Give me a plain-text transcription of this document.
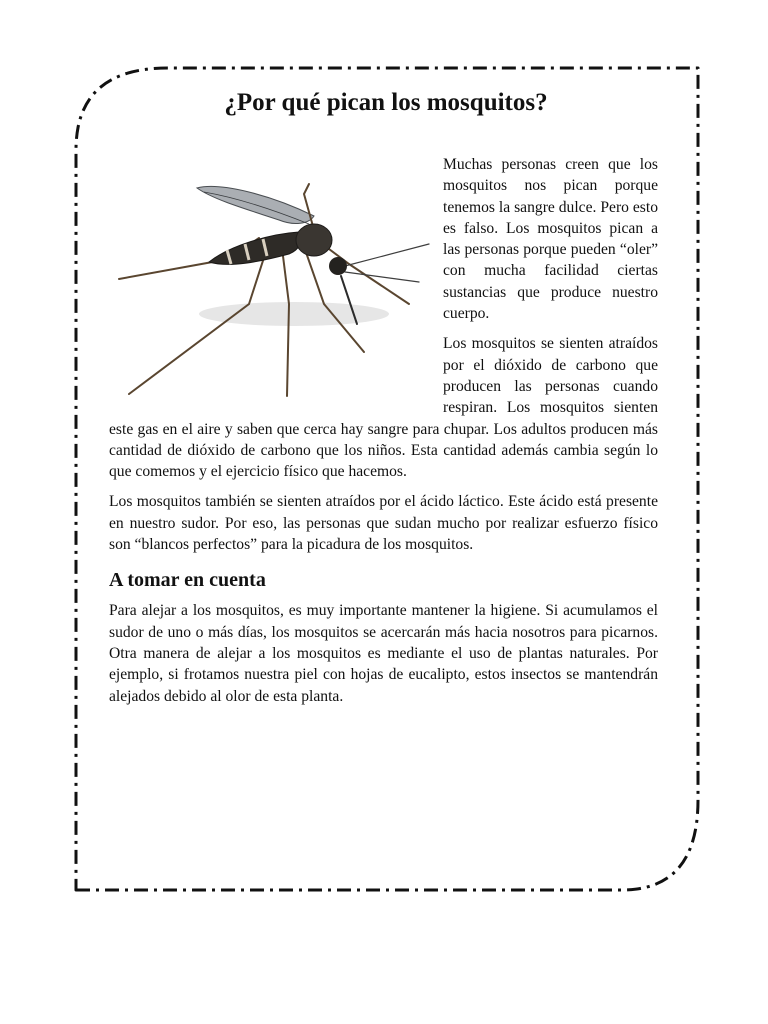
¿Por qué pican los mosquitos?

Muchas personas creen que los mosquitos nos pican porque tenemos la sangre dulce. Pero esto es falso. Los mosquitos pican a las personas porque pueden “oler” con mucha facilidad ciertas sustancias que produce nuestro cuerpo.

Los mosquitos se sienten atraídos por el dióxido de carbono que producen las personas cuando respiran. Los mosquitos sienten este gas en el aire y saben que cerca hay sangre para chupar. Los adultos producen más cantidad de dióxido de carbono que los niños. Esta cantidad además cambia según lo que comemos y el ejercicio físico que hacemos.

Los mosquitos también se sienten atraídos por el ácido láctico. Este ácido está presente en nuestro sudor. Por eso, las personas que sudan mucho por realizar esfuerzo físico son “blancos perfectos” para la picadura de los mosquitos.

A tomar en cuenta

Para alejar a los mosquitos, es muy importante mantener la higiene. Si acumulamos el sudor de uno o más días, los mosquitos se acercarán más hacia nosotros para picarnos. Otra manera de alejar a los mosquitos es mediante el uso de plantas naturales. Por ejemplo, si frotamos nuestra piel con hojas de eucalipto, estos insectos se mantendrán alejados debido al olor de esta planta.
